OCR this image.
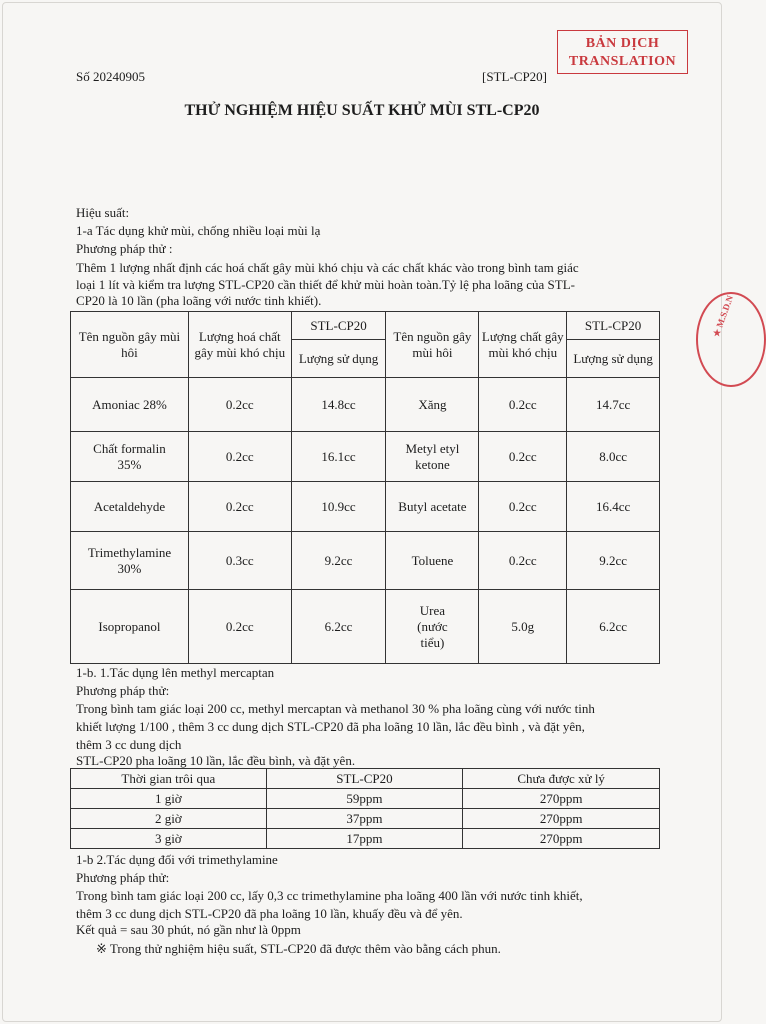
BẢN DỊCH
TRANSLATION
★ M.S.D.N
Số 20240905	[STL-CP20]
THỬ NGHIỆM HIỆU SUẤT KHỬ MÙI STL-CP20
Hiệu suất:
1-a Tác dụng khử mùi, chống nhiều loại mùi lạ
Phương pháp thử :
Thêm 1 lượng nhất định các hoá chất gây mùi khó chịu và các chất khác vào trong bình tam giác
loại 1 lít và kiểm tra lượng STL-CP20 cần thiết để khử mùi hoàn toàn.Tỷ lệ pha loãng của STL-
CP20 là 10 lần (pha loãng với nước tinh khiết).
Tên nguồn gây mùi hôi	Lượng hoá chất gây mùi khó chịu	STL-CP20	Tên nguồn gây mùi hôi	Lượng chất gây mùi khó chịu	STL-CP20
		Lượng sử dụng			Lượng sử dụng
Amoniac 28%	0.2cc	14.8cc	Xăng	0.2cc	14.7cc
Chất formalin 35%	0.2cc	16.1cc	Metyl etyl ketone	0.2cc	8.0cc
Acetaldehyde	0.2cc	10.9cc	Butyl acetate	0.2cc	16.4cc
Trimethylamine 30%	0.3cc	9.2cc	Toluene	0.2cc	9.2cc
Isopropanol	0.2cc	6.2cc	Urea (nước tiểu)	5.0g	6.2cc
1-b. 1.Tác dụng lên methyl mercaptan
Phương pháp thử:
Trong bình tam giác loại 200 cc, methyl mercaptan và methanol 30 % pha loãng cùng với nước tinh
khiết lượng 1/100 , thêm 3 cc dung dịch STL-CP20 đã pha loãng 10 lần, lắc đều bình , và đặt yên,
thêm 3 cc dung dịch
STL-CP20 pha loãng 10 lần, lắc đều bình, và đặt yên.
Thời gian trôi qua	STL-CP20	Chưa được xử lý
1 giờ	59ppm	270ppm
2 giờ	37ppm	270ppm
3 giờ	17ppm	270ppm
1-b 2.Tác dụng đối với trimethylamine
Phương pháp thử:
Trong bình tam giác loại 200 cc, lấy 0,3 cc trimethylamine pha loãng 400 lần với nước tinh khiết,
thêm 3 cc dung dịch STL-CP20 đã pha loãng 10 lần, khuấy đều và để yên.
Kết quả = sau 30 phút, nó gần như là 0ppm
※ Trong thử nghiệm hiệu suất, STL-CP20 đã được thêm vào bằng cách phun.
